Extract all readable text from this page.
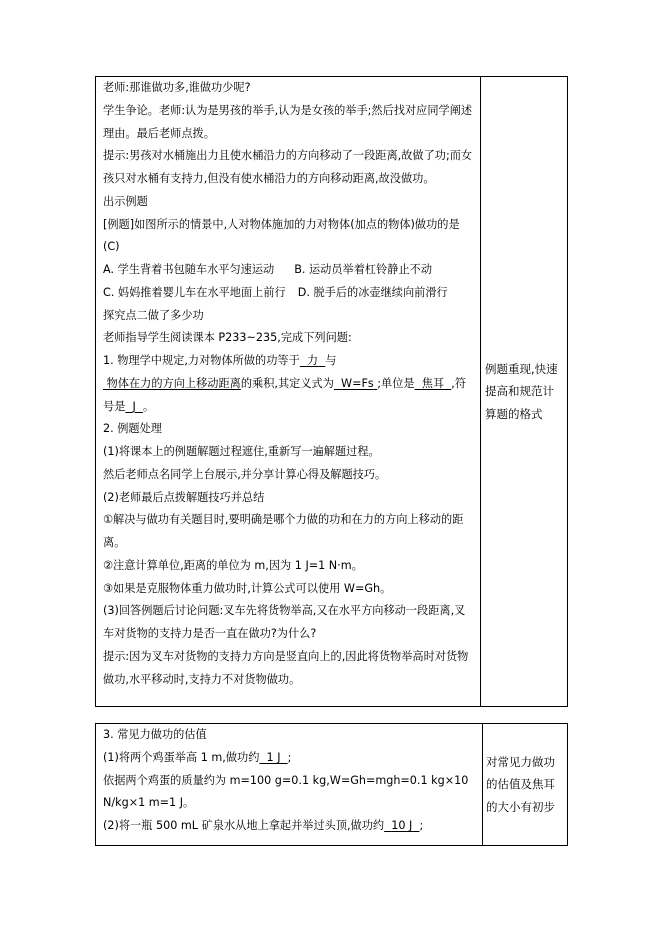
老师:那谁做功多,谁做功少呢?

学生争论。老师:认为是男孩的举手,认为是女孩的举手;然后找对应同学阐述理由。最后老师点拨。

提示:男孩对水桶施出力且使水桶沿力的方向移动了一段距离,故做了功;而女孩只对水桶有支持力,但没有使水桶沿力的方向移动距离,故没做功。

出示例题

[例题]如图所示的情景中,人对物体施加的力对物体(加点的物体)做功的是(C)

A. 学生背着书包随车水平匀速运动 B. 运动员举着杠铃静止不动

C. 妈妈推着婴儿车在水平地面上前行 D. 脱手后的冰壶继续向前滑行

探究点二做了多少功

老师指导学生阅读课本 P233~235,完成下列问题:

1. 物理学中规定,力对物体所做的功等于 力 与 物体在力的方向上移动距离的乘积,其定义式为 W=Fs ;单位是 焦耳 ,符号是 J 。

2. 例题处理

(1)将课本上的例题解题过程遮住,重新写一遍解题过程。

然后老师点名同学上台展示,并分享计算心得及解题技巧。

(2)老师最后点拨解题技巧并总结

①解决与做功有关题目时,要明确是哪个力做的功和在力的方向上移动的距离。

②注意计算单位,距离的单位为 m,因为 1 J=1 N·m。

③如果是克服物体重力做功时,计算公式可以使用 W=Gh。

(3)回答例题后讨论问题:叉车先将货物举高,又在水平方向移动一段距离,叉车对货物的支持力是否一直在做功?为什么?

提示:因为叉车对货物的支持力方向是竖直向上的,因此将货物举高时对货物做功,水平移动时,支持力不对货物做功。

例题重现,快速提高和规范计算题的格式

3. 常见力做功的估值

(1)将两个鸡蛋举高 1 m,做功约 1 J ;

依据两个鸡蛋的质量约为 m=100 g=0.1 kg,W=Gh=mgh=0.1 kg×10 N/kg×1 m=1 J。

(2)将一瓶 500 mL 矿泉水从地上拿起并举过头顶,做功约 10 J ;

对常见力做功的估值及焦耳的大小有初步
